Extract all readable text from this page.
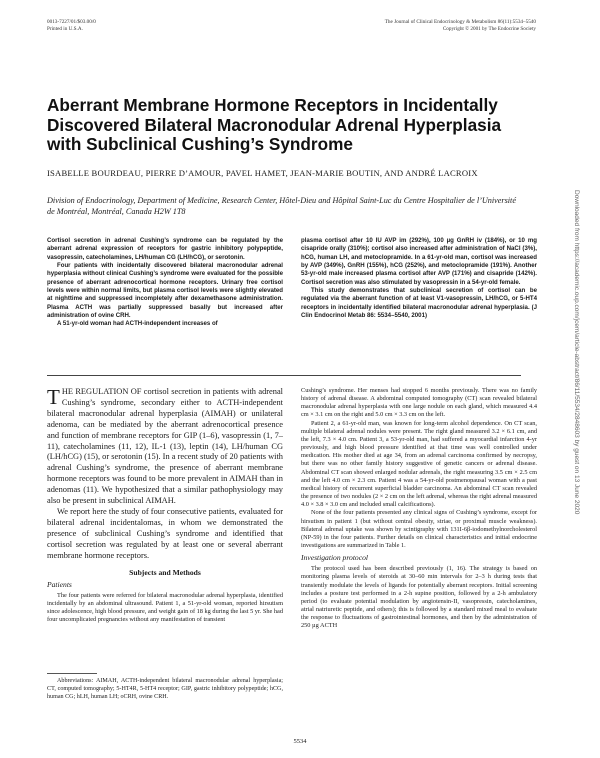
0013-7227/01/$03.00/0
Printed in U.S.A.
The Journal of Clinical Endocrinology & Metabolism 86(11):5534–5540
Copyright © 2001 by The Endocrine Society
Aberrant Membrane Hormone Receptors in Incidentally Discovered Bilateral Macronodular Adrenal Hyperplasia with Subclinical Cushing’s Syndrome
ISABELLE BOURDEAU, PIERRE D’AMOUR, PAVEL HAMET, JEAN-MARIE BOUTIN, AND ANDRÉ LACROIX
Division of Endocrinology, Department of Medicine, Research Center, Hôtel-Dieu and Hôpital Saint-Luc du Centre Hospitalier de l’Université de Montréal, Montréal, Canada H2W 1T8

Cortisol secretion in adrenal Cushing’s syndrome can be regulated by the aberrant adrenal expression of receptors for gastric inhibitory polypeptide, vasopressin, catecholamines, LH/human CG (LH/hCG), or serotonin.

Four patients with incidentally discovered bilateral macronodular adrenal hyperplasia without clinical Cushing’s syndrome were evaluated for the possible presence of aberrant adrenocortical hormone receptors. Urinary free cortisol levels were within normal limits, but plasma cortisol levels were slightly elevated at nighttime and suppressed incompletely after dexamethasone administration. Plasma ACTH was partially suppressed basally but increased after administration of ovine CRH.

A 51-yr-old woman had ACTH-independent increases of

plasma cortisol after 10 IU AVP im (292%), 100 µg GnRH iv (184%), or 10 mg cisapride orally (310%); cortisol also increased after administration of NaCl (3%), hCG, human LH, and metoclopramide. In a 61-yr-old man, cortisol was increased by AVP (349%), GnRH (155%), hCG (252%), and metoclopramide (191%). Another 53-yr-old male increased plasma cortisol after AVP (171%) and cisapride (142%). Cortisol secretion was also stimulated by vasopressin in a 54-yr-old female.

This study demonstrates that subclinical secretion of cortisol can be regulated via the aberrant function of at least V1-vasopressin, LH/hCG, or 5-HT4 receptors in incidentally identified bilateral macronodular adrenal hyperplasia. (J Clin Endocrinol Metab 86: 5534–5540, 2001)

THE REGULATION OF cortisol secretion in patients with adrenal Cushing’s syndrome, secondary either to ACTH-independent bilateral macronodular adrenal hyperplasia (AIMAH) or unilateral adenoma, can be mediated by the aberrant adrenocortical presence and function of membrane receptors for GIP (1–6), vasopressin (1, 7–11), catecholamines (11, 12), IL-1 (13), leptin (14), LH/human CG (LH/hCG) (15), or serotonin (15). In a recent study of 20 patients with adrenal Cushing’s syndrome, the presence of aberrant membrane hormone receptors was found to be more prevalent in AIMAH than in adenomas (11). We hypothesized that a similar pathophysiology may also be present in subclinical AIMAH.

We report here the study of four consecutive patients, evaluated for bilateral adrenal incidentalomas, in whom we demonstrated the presence of subclinical Cushing’s syndrome and identified that cortisol secretion was regulated by at least one or several aberrant membrane hormone receptors.

Subjects and Methods
Patients

The four patients were referred for bilateral macronodular adrenal hyperplasia, identified incidentally by an abdominal ultrasound. Patient 1, a 51-yr-old woman, reported hirsutism since adolescence, high blood pressure, and weight gain of 18 kg during the last 5 yr. She had four uncomplicated pregnancies without any manifestation of transient

Abbreviations: AIMAH, ACTH-independent bilateral macronodular adrenal hyperplasia; CT, computed tomography; 5-HT4R, 5-HT4 receptor; GIP, gastric inhibitory polypeptide; hCG, human CG; hLH, human LH; oCRH, ovine CRH.

Cushing’s syndrome. Her menses had stopped 6 months previously. There was no family history of adrenal disease. A abdominal computed tomography (CT) scan revealed bilateral macronodular adrenal hyperplasia with one large nodule on each gland, which measured 4.4 cm × 3.1 cm on the right and 5.0 cm × 3.3 cm on the left.

Patient 2, a 61-yr-old man, was known for long-term alcohol dependence. On CT scan, multiple bilateral adrenal nodules were present. The right gland measured 3.2 × 6.1 cm, and the left, 7.3 × 4.0 cm. Patient 3, a 53-yr-old man, had suffered a myocardial infarction 4-yr previously, and high blood pressure identified at that time was well controlled under medication. His mother died at age 34, from an adrenal carcinoma confirmed by necropsy, but there was no other family history suggestive of genetic cancers or adrenal disease. Abdominal CT scan showed enlarged nodular adrenals, the right measuring 3.5 cm × 2.5 cm and the left 4.0 cm × 2.3 cm. Patient 4 was a 54-yr-old postmenopausal woman with a past medical history of recurrent superficial bladder carcinoma. An abdominal CT scan revealed the presence of two nodules (2 × 2 cm on the left adrenal, whereas the right adrenal measured 4.0 × 3.8 × 3.0 cm and included small calcifications).

None of the four patients presented any clinical signs of Cushing’s syndrome, except for hirsutism in patient 1 (but without central obesity, striae, or proximal muscle weakness). Bilateral adrenal uptake was shown by scintigraphy with 131I-6β-iodomethylnorcholesterol (NP-59) in the four patients. Further details on clinical characteristics and initial endocrine investigations are summarized in Table 1.

Investigation protocol

The protocol used has been described previously (1, 16). The strategy is based on monitoring plasma levels of steroids at 30–60 min intervals for 2–3 h during tests that transiently modulate the levels of ligands for potentially aberrant receptors. Initial screening includes a posture test performed in a 2-h supine position, followed by a 2-h ambulatory period (to evaluate potential modulation by angiotensin-II, vasopressin, catecholamines, atrial natriuretic peptide, and others); this is followed by a standard mixed meal to evaluate the response to fluctuations of gastrointestinal hormones, and then by the administration of 250 µg ACTH

5534
Downloaded from https://academic.oup.com/jcem/article-abstract/86/11/5534/2848603 by guest on 13 June 2020
